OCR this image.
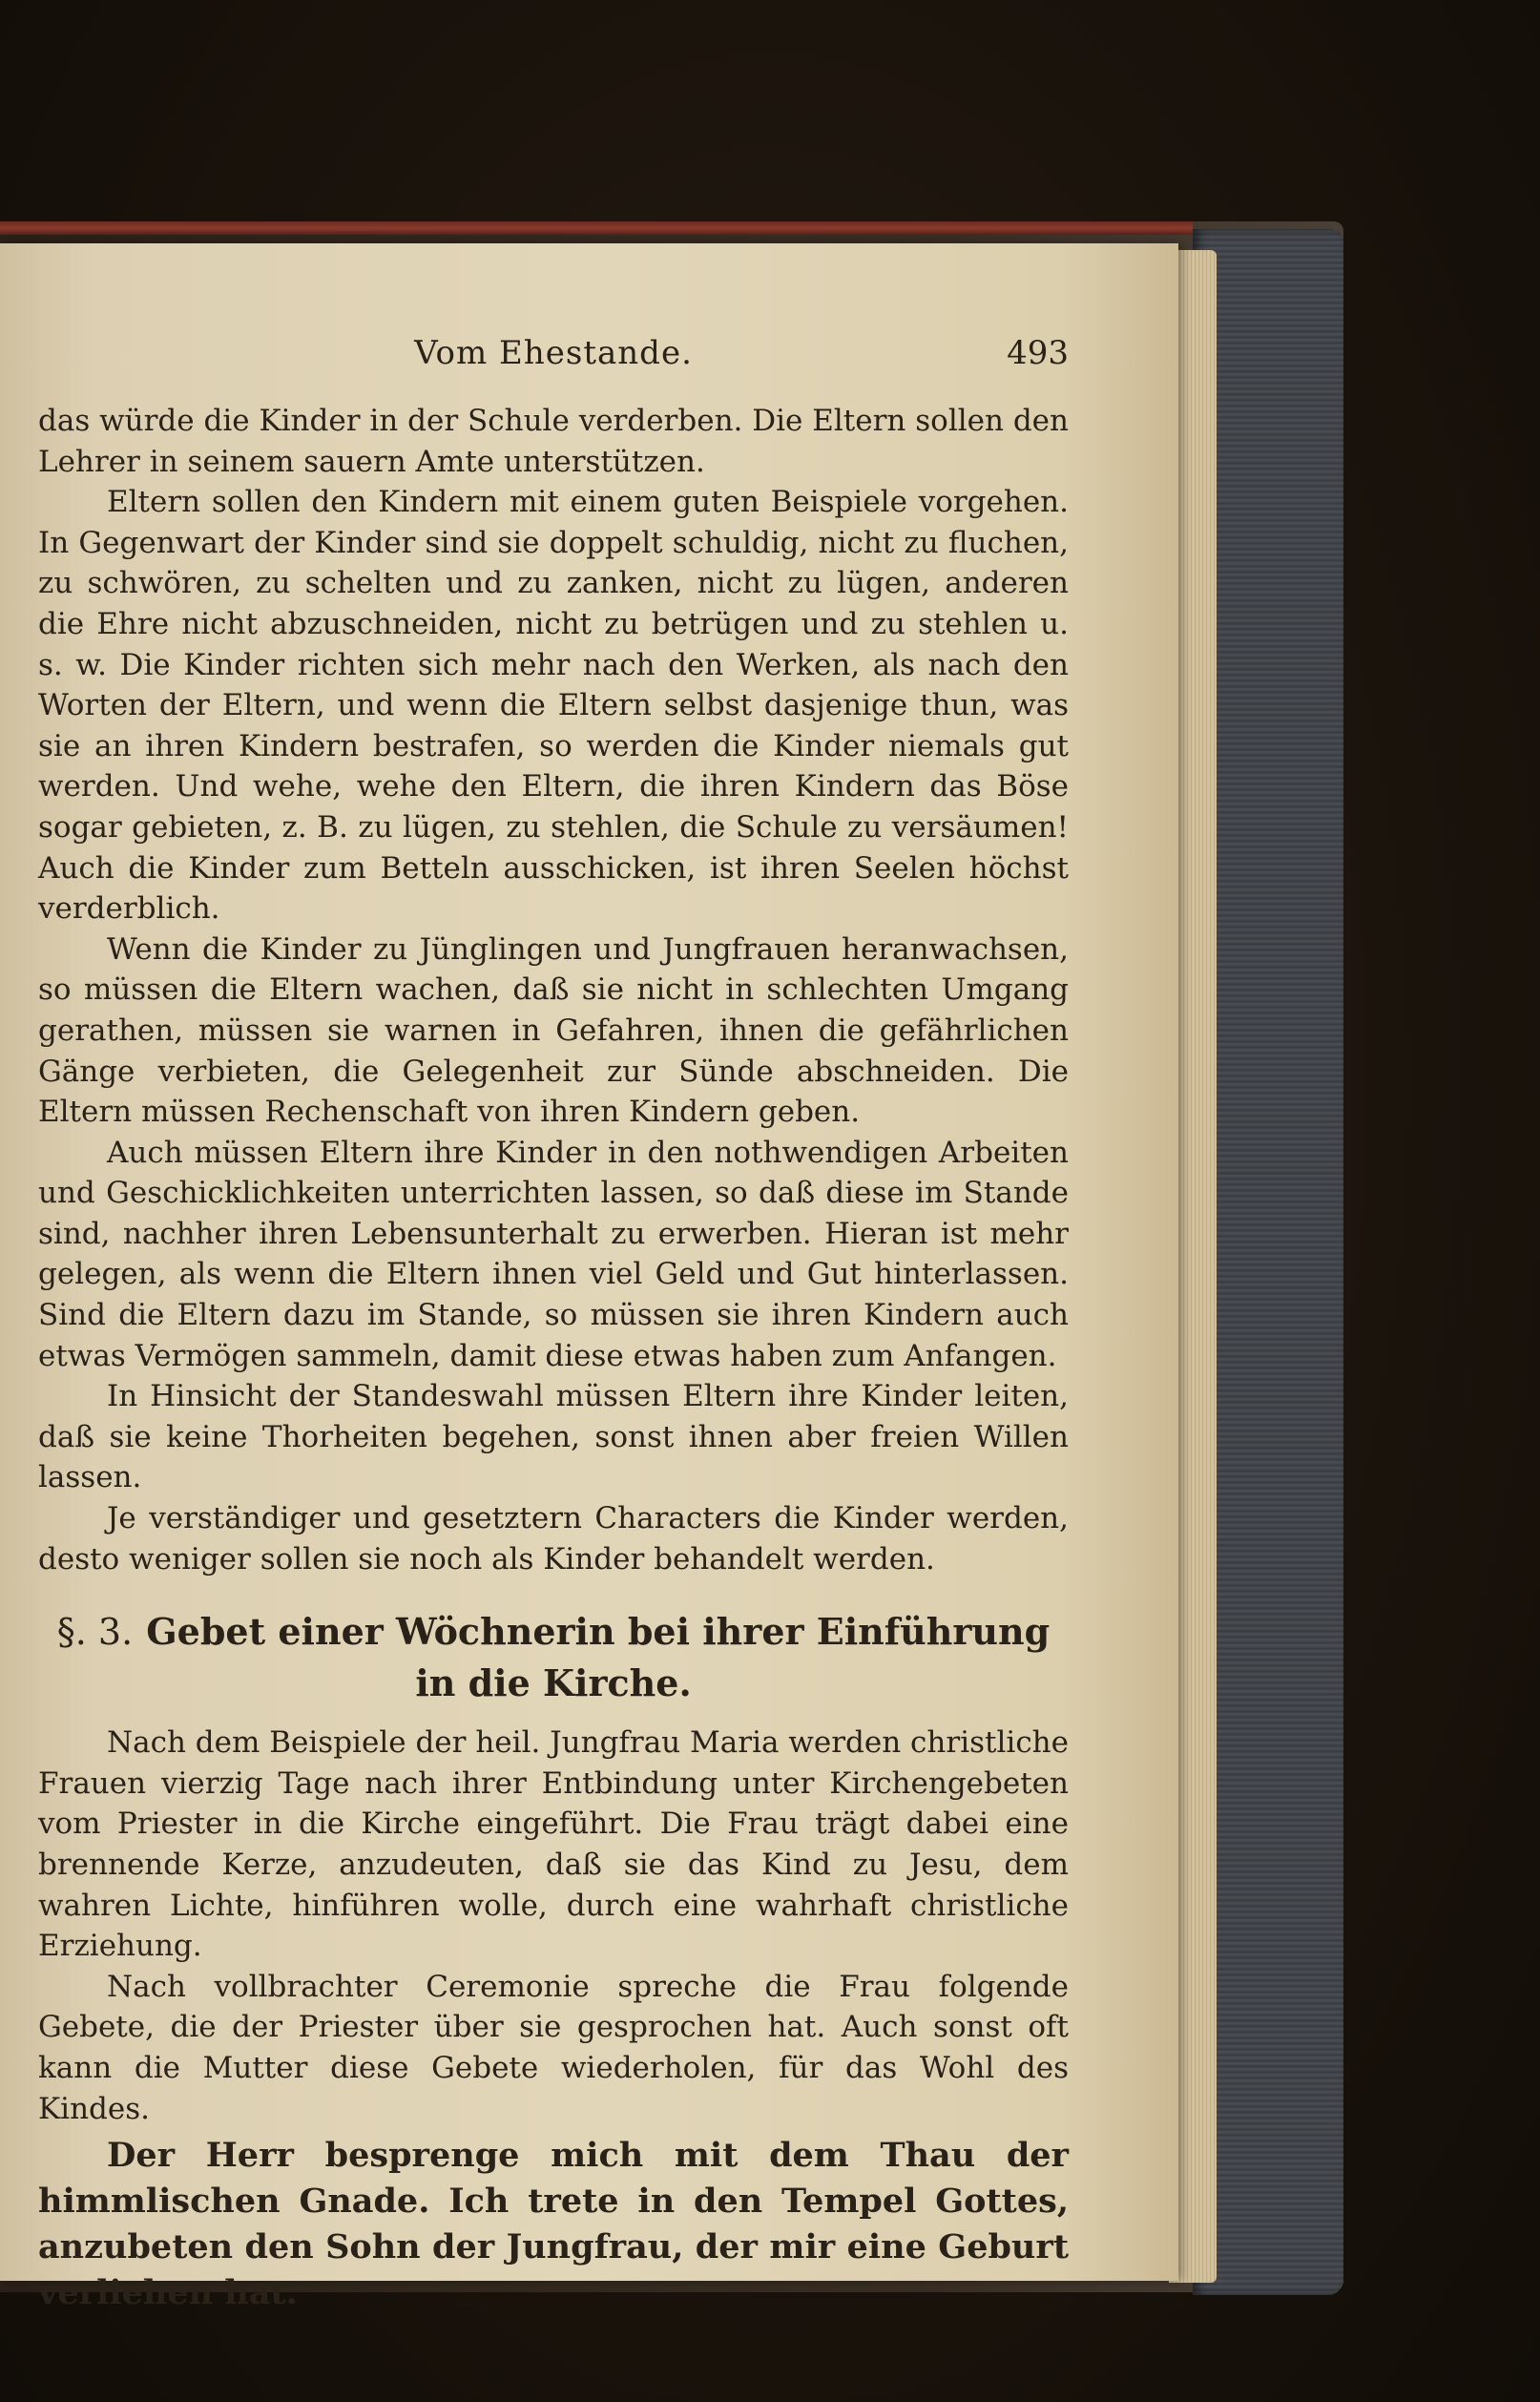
Vom Ehestande.	493

das würde die Kinder in der Schule verderben. Die Eltern sollen den Lehrer in seinem sauern Amte unterstützen.

Eltern sollen den Kindern mit einem guten Beispiele vorgehen. In Gegenwart der Kinder sind sie doppelt schuldig, nicht zu fluchen, zu schwören, zu schelten und zu zanken, nicht zu lügen, anderen die Ehre nicht abzuschneiden, nicht zu betrügen und zu stehlen u. s. w. Die Kinder richten sich mehr nach den Werken, als nach den Worten der Eltern, und wenn die Eltern selbst dasjenige thun, was sie an ihren Kindern bestrafen, so werden die Kinder niemals gut werden. Und wehe, wehe den Eltern, die ihren Kindern das Böse sogar gebieten, z. B. zu lügen, zu stehlen, die Schule zu versäumen! Auch die Kinder zum Betteln ausschicken, ist ihren Seelen höchst verderblich.

Wenn die Kinder zu Jünglingen und Jungfrauen heranwachsen, so müssen die Eltern wachen, daß sie nicht in schlechten Umgang gerathen, müssen sie warnen in Gefahren, ihnen die gefährlichen Gänge verbieten, die Gelegenheit zur Sünde abschneiden. Die Eltern müssen Rechenschaft von ihren Kindern geben.

Auch müssen Eltern ihre Kinder in den nothwendigen Arbeiten und Geschicklichkeiten unterrichten lassen, so daß diese im Stande sind, nachher ihren Lebensunterhalt zu erwerben. Hieran ist mehr gelegen, als wenn die Eltern ihnen viel Geld und Gut hinterlassen. Sind die Eltern dazu im Stande, so müssen sie ihren Kindern auch etwas Vermögen sammeln, damit diese etwas haben zum Anfangen.

In Hinsicht der Standeswahl müssen Eltern ihre Kinder leiten, daß sie keine Thorheiten begehen, sonst ihnen aber freien Willen lassen.

Je verständiger und gesetztern Characters die Kinder werden, desto weniger sollen sie noch als Kinder behandelt werden.

§. 3. Gebet einer Wöchnerin bei ihrer Einführung
in die Kirche.

Nach dem Beispiele der heil. Jungfrau Maria werden christliche Frauen vierzig Tage nach ihrer Entbindung unter Kirchengebeten vom Priester in die Kirche eingeführt. Die Frau trägt dabei eine brennende Kerze, anzudeuten, daß sie das Kind zu Jesu, dem wahren Lichte, hinführen wolle, durch eine wahrhaft christliche Erziehung.

Nach vollbrachter Ceremonie spreche die Frau folgende Gebete, die der Priester über sie gesprochen hat. Auch sonst oft kann die Mutter diese Gebete wiederholen, für das Wohl des Kindes.

Der Herr besprenge mich mit dem Thau der himmlischen Gnade. Ich trete in den Tempel Gottes, anzubeten den Sohn der Jungfrau, der mir eine Geburt verliehen hat.
